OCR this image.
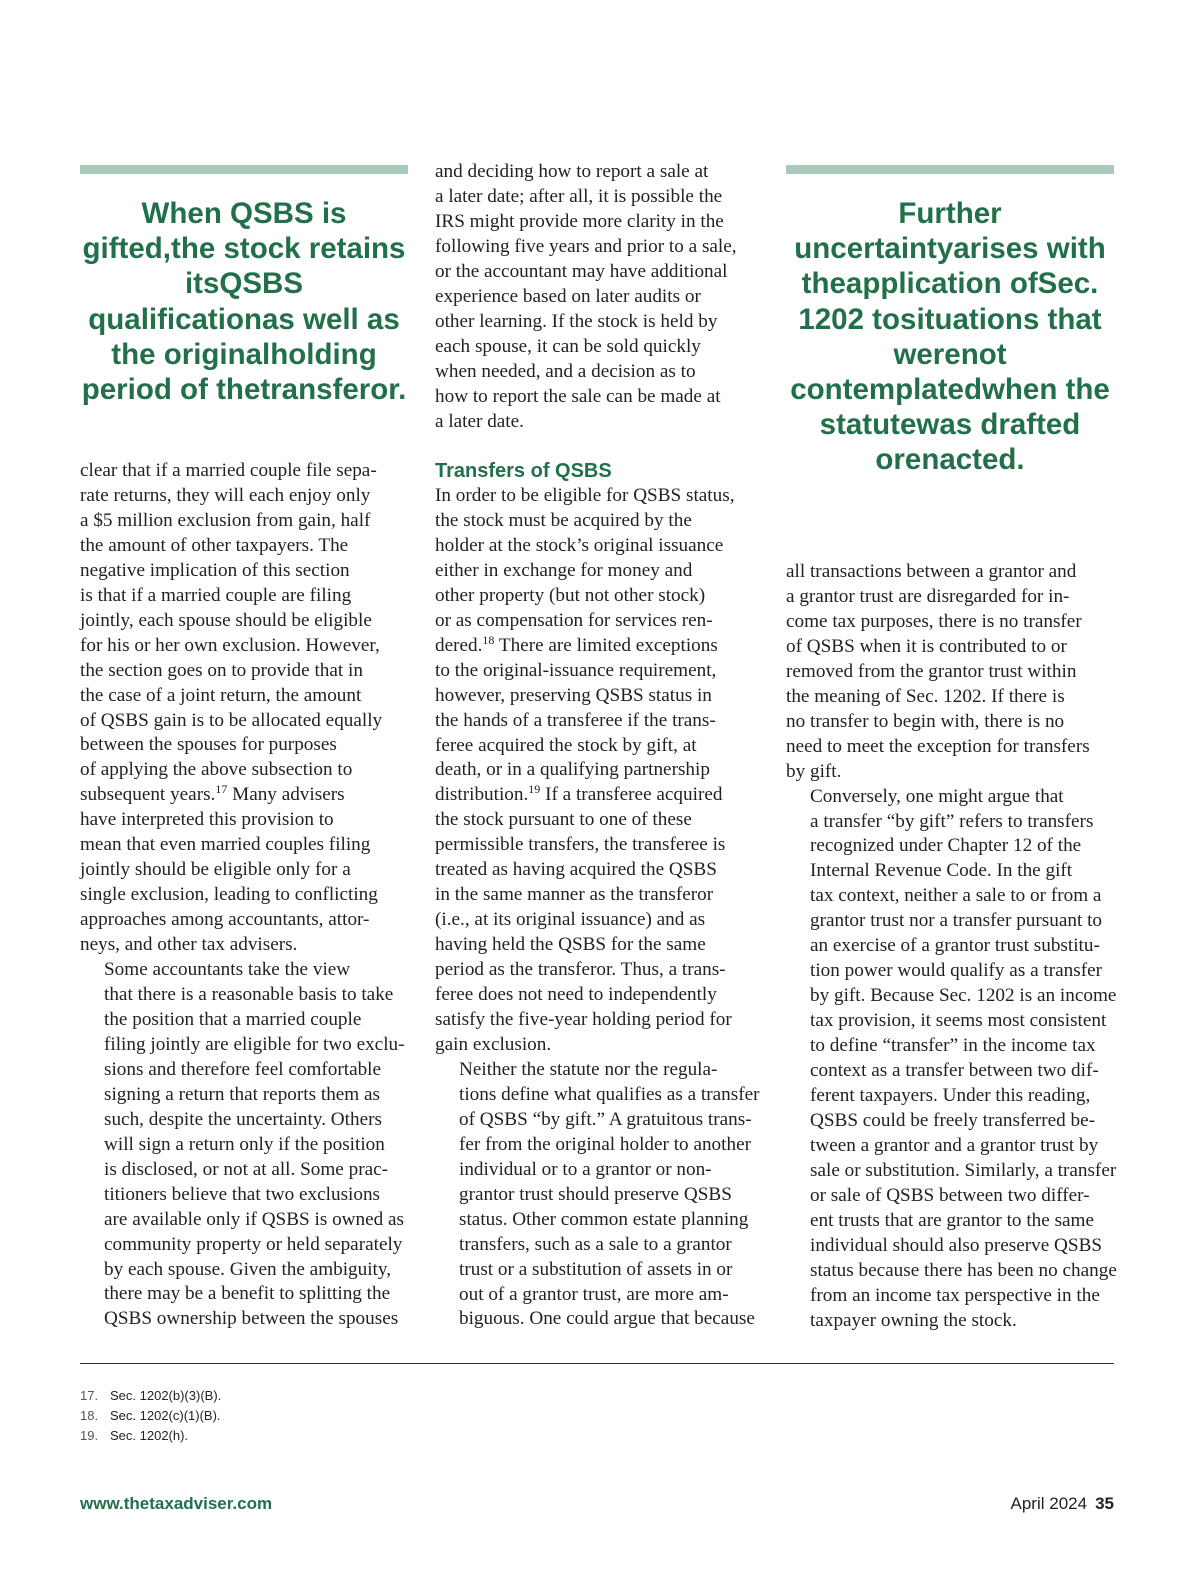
When QSBS is gifted,the stock retains itsQSBS qualificationas well as the originalholding period of thetransferor.

clear that if a married couple file sepa-
rate returns, they will each enjoy only
a $5 million exclusion from gain, half
the amount of other taxpayers. The
negative implication of this section
is that if a married couple are filing
jointly, each spouse should be eligible
for his or her own exclusion. However,
the section goes on to provide that in
the case of a joint return, the amount
of QSBS gain is to be allocated equally
between the spouses for purposes
of applying the above subsection to
subsequent years.$^{17}$ Many advisers
have interpreted this provision to
mean that even married couples filing
jointly should be eligible only for a
single exclusion, leading to conflicting
approaches among accountants, attor-
neys, and other tax advisers.

Some accountants take the view
that there is a reasonable basis to take
the position that a married couple
filing jointly are eligible for two exclu-
sions and therefore feel comfortable
signing a return that reports them as
such, despite the uncertainty. Others
will sign a return only if the position
is disclosed, or not at all. Some prac-
titioners believe that two exclusions
are available only if QSBS is owned as
community property or held separately
by each spouse. Given the ambiguity,
there may be a benefit to splitting the
QSBS ownership between the spouses

and deciding how to report a sale at
a later date; after all, it is possible the
IRS might provide more clarity in the
following five years and prior to a sale,
or the accountant may have additional
experience based on later audits or
other learning. If the stock is held by
each spouse, it can be sold quickly
when needed, and a decision as to
how to report the sale can be made at
a later date.

Transfers of QSBS

In order to be eligible for QSBS status,
the stock must be acquired by the
holder at the stock’s original issuance
either in exchange for money and
other property (but not other stock)
or as compensation for services ren-
dered.$^{18}$ There are limited exceptions
to the original-issuance requirement,
however, preserving QSBS status in
the hands of a transferee if the trans-
feree acquired the stock by gift, at
death, or in a qualifying partnership
distribution.$^{19}$ If a transferee acquired
the stock pursuant to one of these
permissible transfers, the transferee is
treated as having acquired the QSBS
in the same manner as the transferor
(i.e., at its original issuance) and as
having held the QSBS for the same
period as the transferor. Thus, a trans-
feree does not need to independently
satisfy the five-year holding period for
gain exclusion.

Neither the statute nor the regula-
tions define what qualifies as a transfer
of QSBS “by gift.” A gratuitous trans-
fer from the original holder to another
individual or to a grantor or non-
grantor trust should preserve QSBS
status. Other common estate planning
transfers, such as a sale to a grantor
trust or a substitution of assets in or
out of a grantor trust, are more am-
biguous. One could argue that because

Further uncertaintyarises with theapplication ofSec. 1202 tosituations that werenot contemplatedwhen the statutewas drafted orenacted.

all transactions between a grantor and
a grantor trust are disregarded for in-
come tax purposes, there is no transfer
of QSBS when it is contributed to or
removed from the grantor trust within
the meaning of Sec. 1202. If there is
no transfer to begin with, there is no
need to meet the exception for transfers
by gift.

Conversely, one might argue that
a transfer “by gift” refers to transfers
recognized under Chapter 12 of the
Internal Revenue Code. In the gift
tax context, neither a sale to or from a
grantor trust nor a transfer pursuant to
an exercise of a grantor trust substitu-
tion power would qualify as a transfer
by gift. Because Sec. 1202 is an income
tax provision, it seems most consistent
to define “transfer” in the income tax
context as a transfer between two dif-
ferent taxpayers. Under this reading,
QSBS could be freely transferred be-
tween a grantor and a grantor trust by
sale or substitution. Similarly, a transfer
or sale of QSBS between two differ-
ent trusts that are grantor to the same
individual should also preserve QSBS
status because there has been no change
from an income tax perspective in the
taxpayer owning the stock.

17. Sec. 1202(b)(3)(B).
18. Sec. 1202(c)(1)(B).
19. Sec. 1202(h).
www.thetaxadviser.com	April 2024 35
